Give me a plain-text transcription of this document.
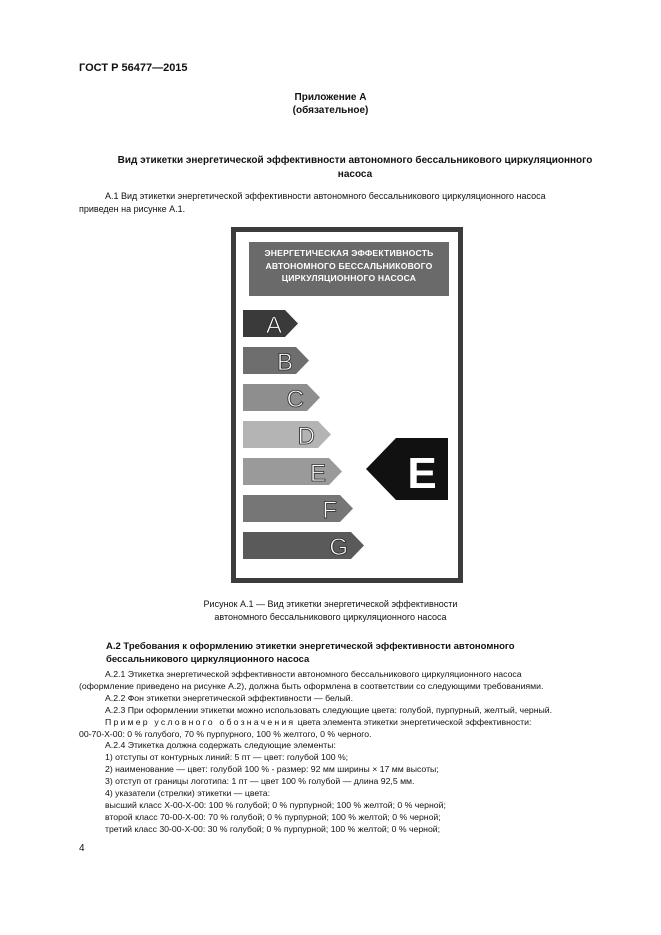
ГОСТ Р 56477—2015
Приложение А
(обязательное)
Вид этикетки энергетической эффективности автономного бессальникового циркуляционного
насоса
А.1 Вид этикетки энергетической эффективности автономного бессальникового циркуляционного насоса
приведен на рисунке А.1.
ЭНЕРГЕТИЧЕСКАЯ ЭФФЕКТИВНОСТЬ
АВТОНОМНОГО БЕССАЛЬНИКОВОГО
ЦИРКУЛЯЦИОННОГО НАСОСА
A
B
C
D
E
F
G
E
Рисунок А.1 — Вид этикетки энергетической эффективности
автономного бессальникового циркуляционного насоса
А.2 Требования к оформлению этикетки энергетической эффективности автономного
бессальникового циркуляционного насоса
А.2.1 Этикетка энергетической эффективности автономного бессальникового циркуляционного насоса
(оформление приведено на рисунке А.2), должна быть оформлена в соответствии со следующими требованиями.
А.2.2 Фон этикетки энергетической эффективности — белый.
А.2.3 При оформлении этикетки можно использовать следующие цвета: голубой, пурпурный, желтый, черный.
Пример условного обозначения цвета элемента этикетки энергетической эффективности:
00-70-Х-00: 0 % голубого, 70 % пурпурного, 100 % желтого, 0 % черного.
А.2.4 Этикетка должна содержать следующие элементы:
1) отступы от контурных линий: 5 пт — цвет: голубой 100 %;
2) наименование — цвет: голубой 100 % - размер: 92 мм ширины × 17 мм высоты;
3) отступ от границы логотипа: 1 пт — цвет 100 % голубой — длина 92,5 мм.
4) указатели (стрелки) этикетки — цвета:
высший класс Х-00-Х-00: 100 % голубой; 0 % пурпурной; 100 % желтой; 0 % черной;
второй класс 70-00-Х-00: 70 % голубой; 0 % пурпурной; 100 % желтой; 0 % черной;
третий класс 30-00-Х-00: 30 % голубой; 0 % пурпурной; 100 % желтой; 0 % черной;
4
